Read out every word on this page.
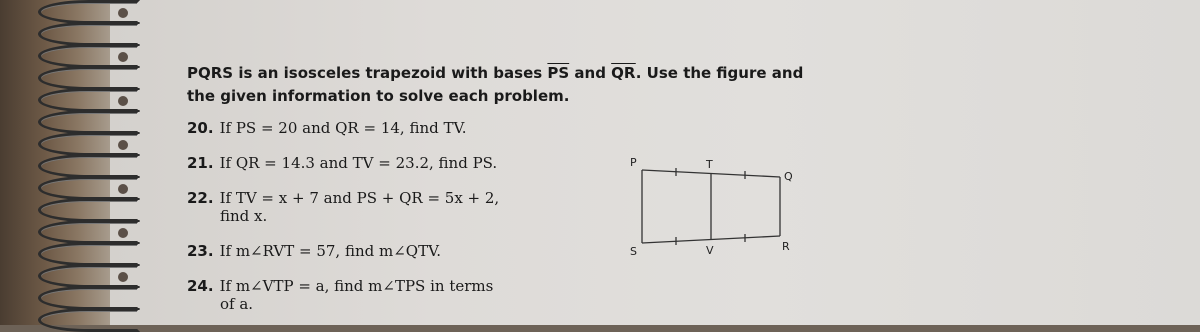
PQRS is an isosceles trapezoid with bases $\overline{PS}$ and $\overline{QR}$. Use the figure and
the given information to solve each problem.
20. If PS = 20 and QR = 14, find TV.
21. If QR = 14.3 and TV = 23.2, find PS.
22. If TV = x + 7 and PS + QR = 5x + 2,
find x.
23. If m∠RVT = 57, find m∠QTV.
24. If m∠VTP = a, find m∠TPS in terms
of a.
P	T
Q
S	V	R
